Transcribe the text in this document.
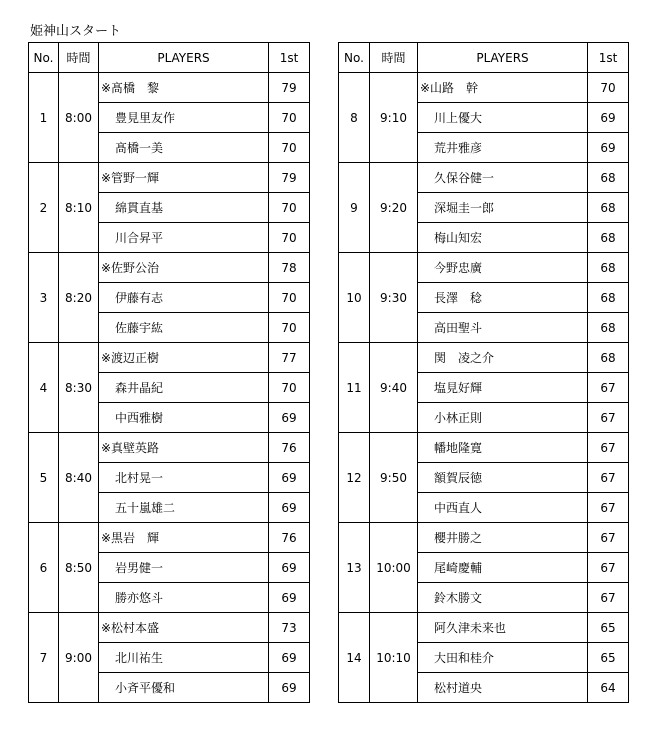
姫神山スタート
No.	時間	PLAYERS	1st
1	8:00	※髙橋　黎	79
		豊見里友作	70
		髙橋一美	70
2	8:10	※管野一輝	79
		綿貫直基	70
		川合昇平	70
3	8:20	※佐野公治	78
		伊藤有志	70
		佐藤宇紘	70
4	8:30	※渡辺正樹	77
		森井晶紀	70
		中西雅樹	69
5	8:40	※真壁英路	76
		北村晃一	69
		五十嵐雄二	69
6	8:50	※黒岩　輝	76
		岩男健一	69
		勝亦悠斗	69
7	9:00	※松村本盛	73
		北川祐生	69
		小斉平優和	69
No.	時間	PLAYERS	1st
8	9:10	※山路　幹	70
		川上優大	69
		荒井雅彦	69
9	9:20	久保谷健一	68
		深堀圭一郎	68
		梅山知宏	68
10	9:30	今野忠廣	68
		長澤　稔	68
		高田聖斗	68
11	9:40	関　凌之介	68
		塩見好輝	67
		小林正則	67
12	9:50	幡地隆寛	67
		額賀辰徳	67
		中西直人	67
13	10:00	櫻井勝之	67
		尾崎慶輔	67
		鈴木勝文	67
14	10:10	阿久津未来也	65
		大田和桂介	65
		松村道央	64
